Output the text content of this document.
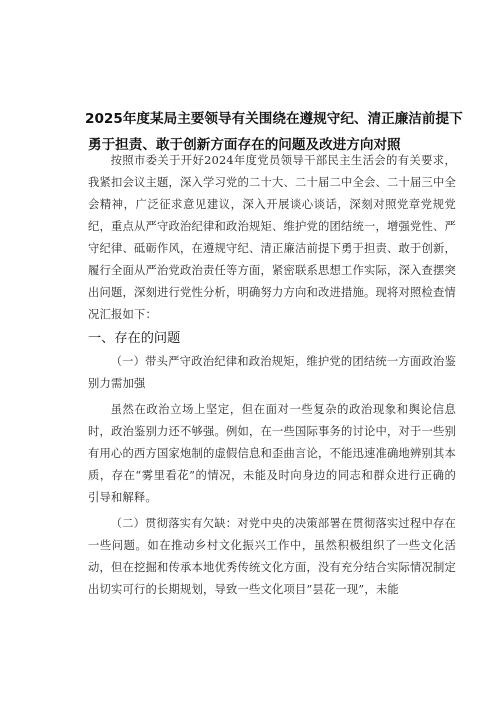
2025年度某局主要领导有关围绕在遵规守纪、清正廉洁前提下
勇于担责、敢于创新方面存在的问题及改进方向对照

按照市委关于开好2024年度党员领导干部民主生活会的有关要求，我紧扣会议主题，深入学习党的二十大、二十届二中全会、二十届三中全会精神，广泛征求意见建议，深入开展谈心谈话，深刻对照党章党规党纪，重点从严守政治纪律和政治规矩、维护党的团结统一，增强党性、严守纪律、砥砺作风，在遵规守纪、清正廉洁前提下勇于担责、敢于创新，履行全面从严治党政治责任等方面，紧密联系思想工作实际，深入查摆突出问题，深刻进行党性分析，明确努力方向和改进措施。现将对照检查情况汇报如下：

一、存在的问题

（一）带头严守政治纪律和政治规矩，维护党的团结统一方面政治鉴别力需加强

虽然在政治立场上坚定，但在面对一些复杂的政治现象和舆论信息时，政治鉴别力还不够强。例如，在一些国际事务的讨论中，对于一些别有用心的西方国家炮制的虚假信息和歪曲言论，不能迅速准确地辨别其本质，存在“雾里看花”的情况，未能及时向身边的同志和群众进行正确的引导和解释。

（二）贯彻落实有欠缺：对党中央的决策部署在贯彻落实过程中存在一些问题。如在推动乡村文化振兴工作中，虽然积极组织了一些文化活动，但在挖掘和传承本地优秀传统文化方面，没有充分结合实际情况制定出切实可行的长期规划，导致一些文化项目”昙花一现”，未能
